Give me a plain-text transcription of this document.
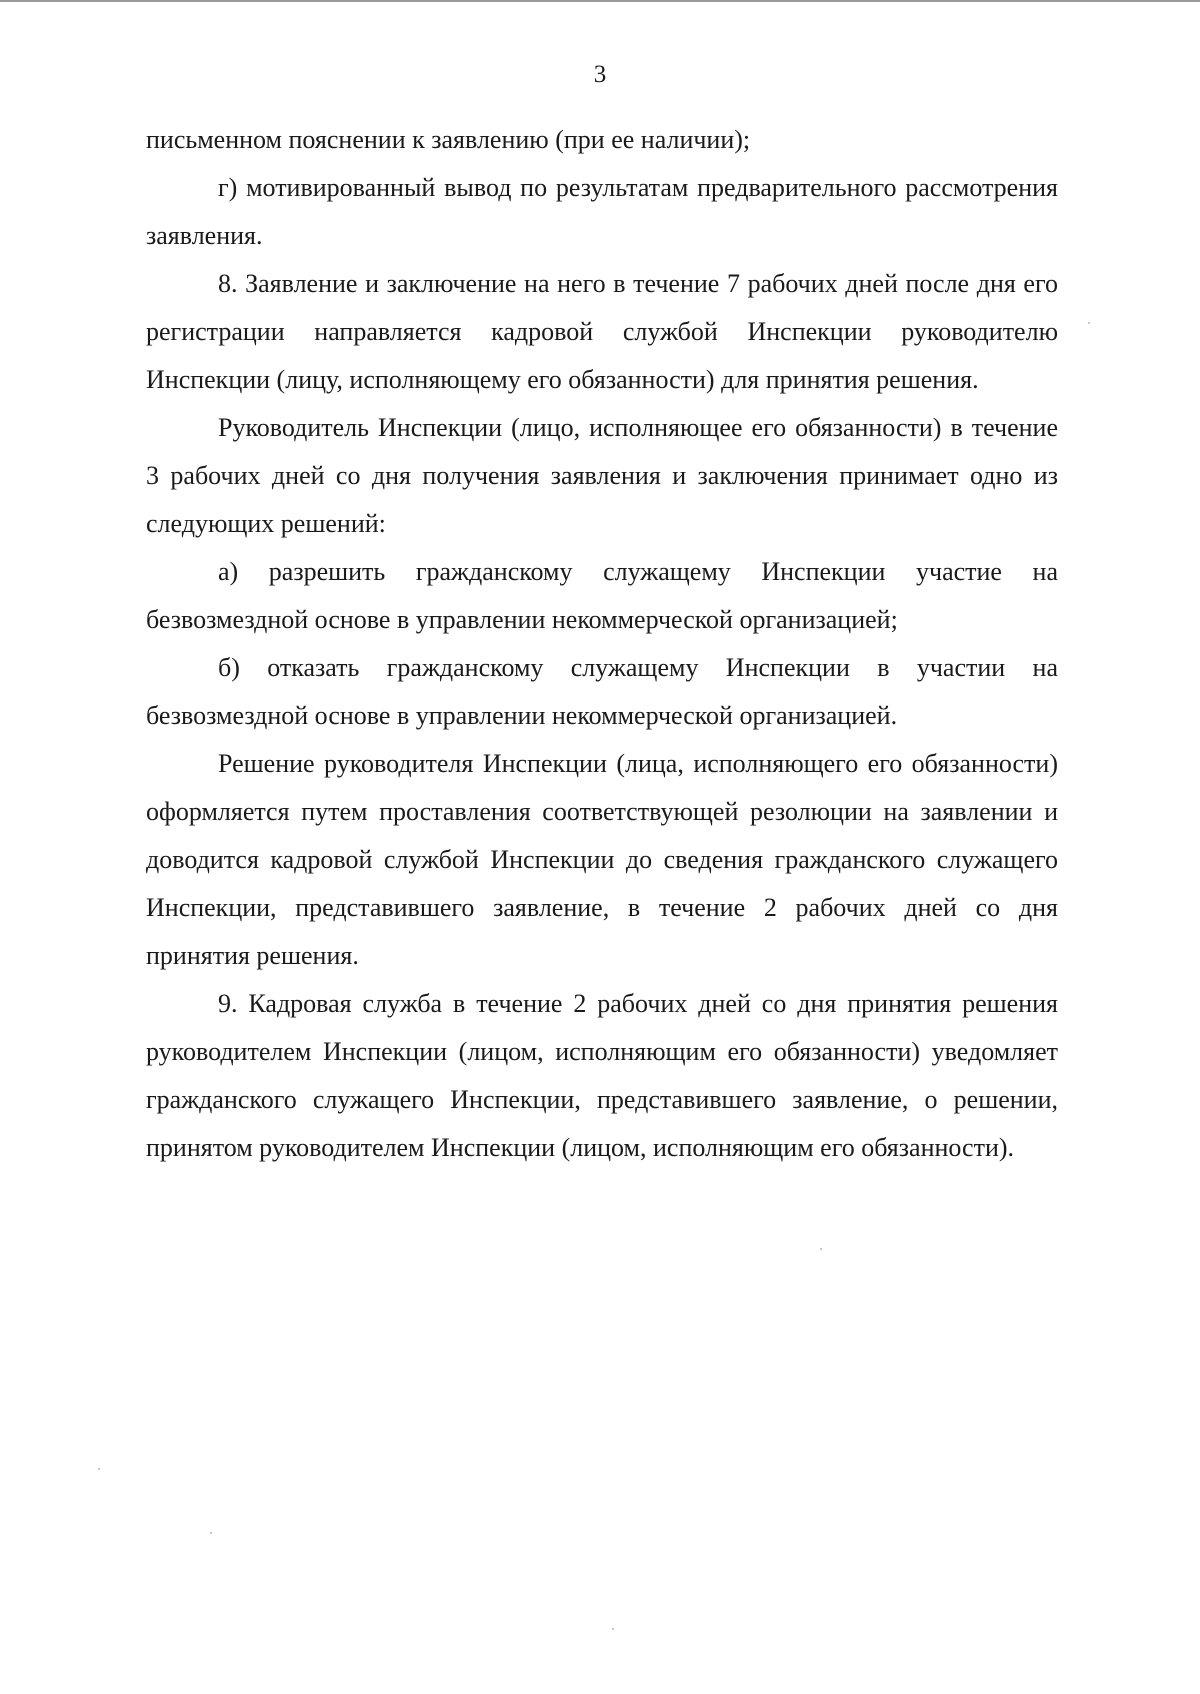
3

письменном пояснении к заявлению (при ее наличии);

г) мотивированный вывод по результатам предварительного рассмотрения заявления.

8. Заявление и заключение на него в течение 7 рабочих дней после дня его регистрации направляется кадровой службой Инспекции руководителю Инспекции (лицу, исполняющему его обязанности) для принятия решения.

Руководитель Инспекции (лицо, исполняющее его обязанности) в течение 3 рабочих дней со дня получения заявления и заключения принимает одно из следующих решений:

а) разрешить гражданскому служащему Инспекции участие на безвозмездной основе в управлении некоммерческой организацией;

б) отказать гражданскому служащему Инспекции в участии на безвозмездной основе в управлении некоммерческой организацией.

Решение руководителя Инспекции (лица, исполняющего его обязанности) оформляется путем проставления соответствующей резолюции на заявлении и доводится кадровой службой Инспекции до сведения гражданского служащего Инспекции, представившего заявление, в течение 2 рабочих дней со дня принятия решения.

9. Кадровая служба в течение 2 рабочих дней со дня принятия решения руководителем Инспекции (лицом, исполняющим его обязанности) уведомляет гражданского служащего Инспекции, представившего заявление, о решении, принятом руководителем Инспекции (лицом, исполняющим его обязанности).
